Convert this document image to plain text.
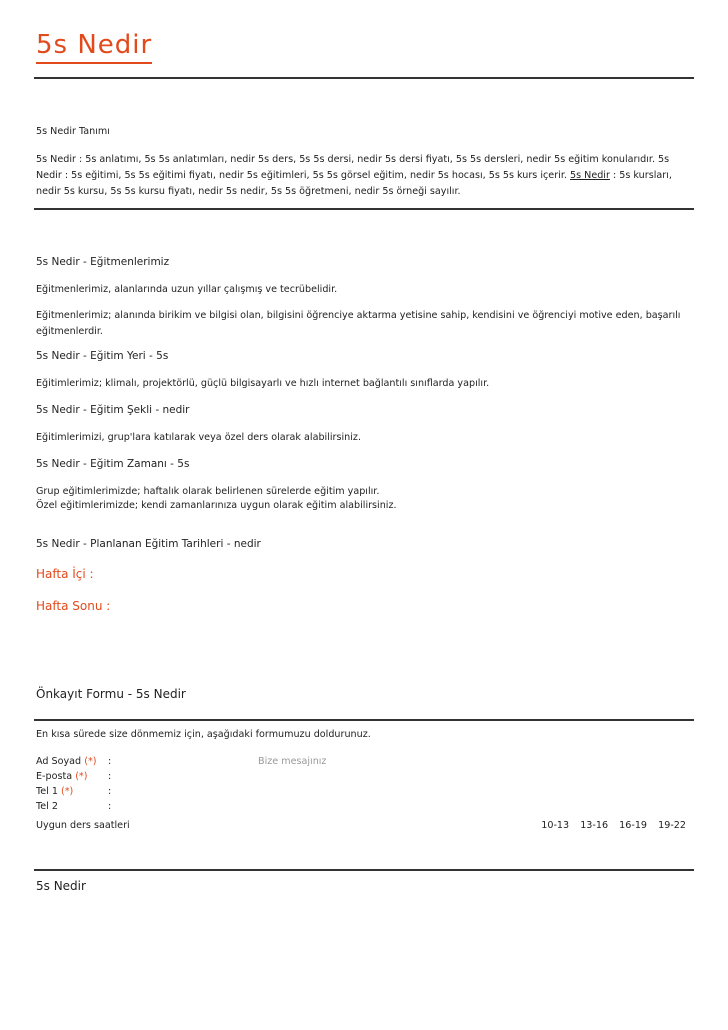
5s Nedir
5s Nedir Tanımı
5s Nedir : 5s anlatımı, 5s 5s anlatımları, nedir 5s ders, 5s 5s dersi, nedir 5s dersi fiyatı, 5s 5s dersleri, nedir 5s eğitim konularıdır. 5s Nedir : 5s eğitimi, 5s 5s eğitimi fiyatı, nedir 5s eğitimleri, 5s 5s görsel eğitim, nedir 5s hocası, 5s 5s kurs içerir. 5s Nedir : 5s kursları, nedir 5s kursu, 5s 5s kursu fiyatı, nedir 5s nedir, 5s 5s öğretmeni, nedir 5s örneği sayılır.
5s Nedir - Eğitmenlerimiz
Eğitmenlerimiz, alanlarında uzun yıllar çalışmış ve tecrübelidir.
Eğitmenlerimiz; alanında birikim ve bilgisi olan, bilgisini öğrenciye aktarma yetisine sahip, kendisini ve öğrenciyi motive eden, başarılı eğitmenlerdir.
5s Nedir - Eğitim Yeri - 5s
Eğitimlerimiz; klimalı, projektörlü, güçlü bilgisayarlı ve hızlı internet bağlantılı sınıflarda yapılır.
5s Nedir - Eğitim Şekli - nedir
Eğitimlerimizi, grup'lara katılarak veya özel ders olarak alabilirsiniz.
5s Nedir - Eğitim Zamanı - 5s
Grup eğitimlerimizde; haftalık olarak belirlenen sürelerde eğitim yapılır.
Özel eğitimlerimizde; kendi zamanlarınıza uygun olarak eğitim alabilirsiniz.
5s Nedir - Planlanan Eğitim Tarihleri - nedir
Hafta İçi :
Hafta Sonu :
Önkayıt Formu - 5s Nedir
En kısa sürede size dönmemiz için, aşağıdaki formumuzu doldurunuz.
Ad Soyad (*) :
E-posta (*) :
Tel 1 (*)	:
Tel 2	:
Bize mesajınız
Uygun ders saatleri	10-13 13-16 16-19 19-22
5s Nedir
